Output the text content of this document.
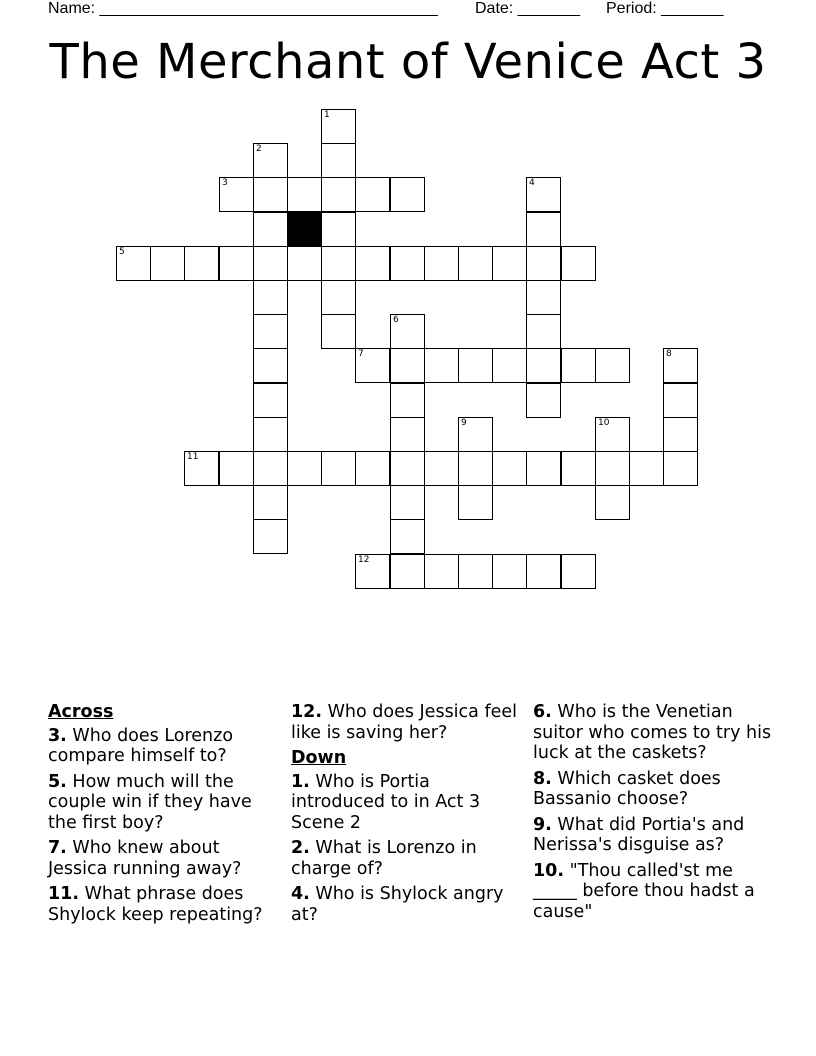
Name: ______________________________________ Date: _______ Period: _______
The Merchant of Venice Act 3
3
5
7
11
12
1
2
4
6
8
9	10
Across
3. Who does Lorenzo compare himself to?
5. How much will the couple win if they have the first boy?
7. Who knew about Jessica running away?
11. What phrase does Shylock keep repeating?
12. Who does Jessica feel like is saving her?
Down
1. Who is Portia introduced to in Act 3 Scene 2
2. What is Lorenzo in charge of?
4. Who is Shylock angry at?
6. Who is the Venetian suitor who comes to try his luck at the caskets?
8. Which casket does Bassanio choose?
9. What did Portia's and Nerissa's disguise as?
10. "Thou called'st me _____ before thou hadst a cause"
